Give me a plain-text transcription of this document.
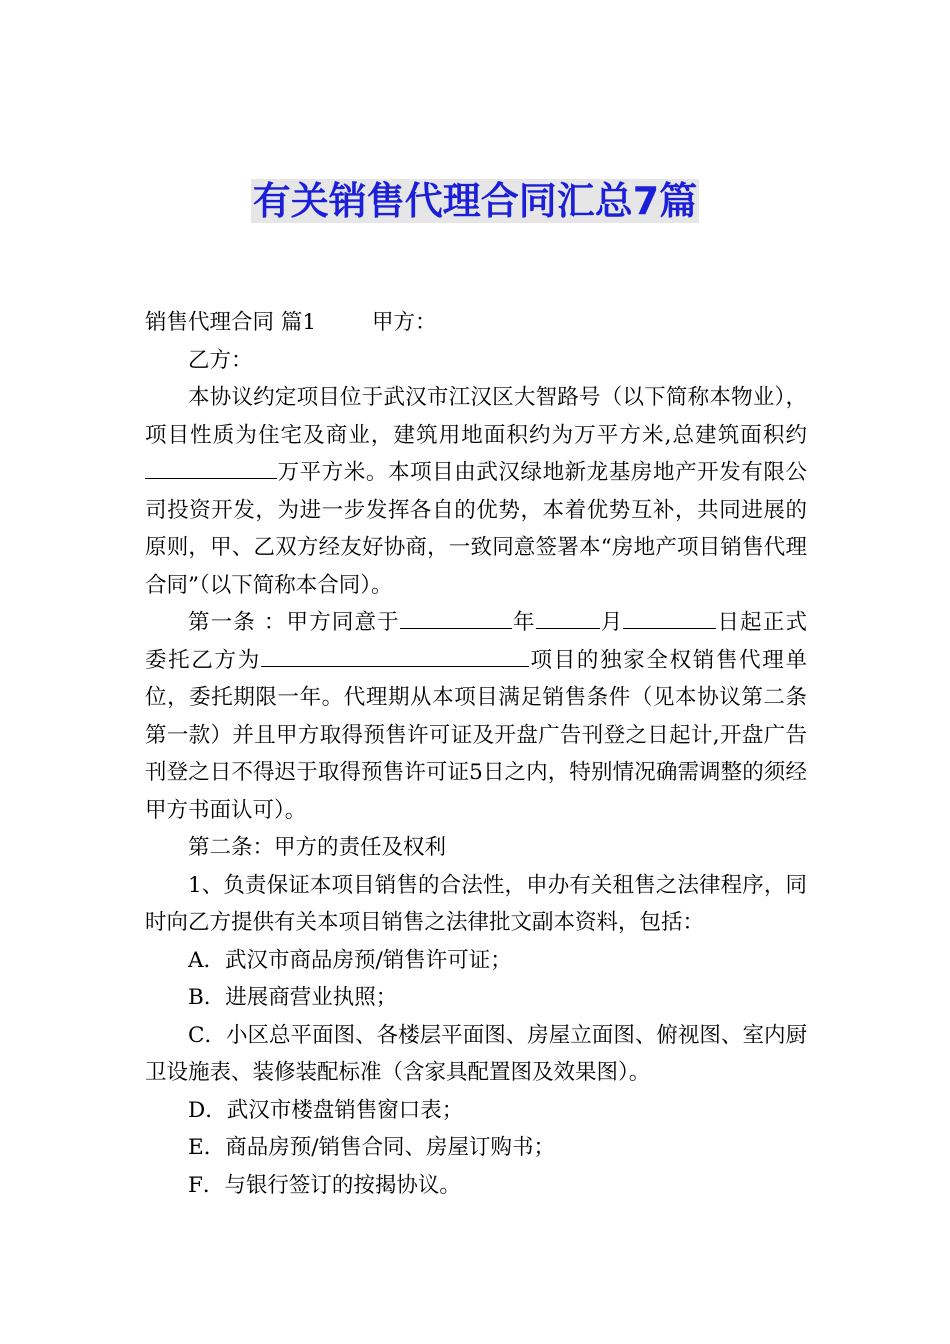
有关销售代理合同汇总7篇

销售代理合同 篇1	甲方：

乙方：

本协议约定项目位于武汉市江汉区大智路号（以下简称本物业），项目性质为住宅及商业，建筑用地面积约为万平方米,总建筑面积约万平方米。本项目由武汉绿地新龙基房地产开发有限公司投资开发，为进一步发挥各自的优势，本着优势互补，共同进展的原则，甲、乙双方经友好协商，一致同意签署本“房地产项目销售代理合同”（以下简称本合同）。

第一条 ：甲方同意于	年	月	日起正式委托乙方为	项目的独家全权销售代理单位，委托期限一年。代理期从本项目满足销售条件（见本协议第二条第一款）并且甲方取得预售许可证及开盘广告刊登之日起计,开盘广告刊登之日不得迟于取得预售许可证5日之内，特别情况确需调整的须经甲方书面认可）。

第二条：甲方的责任及权利

1、负责保证本项目销售的合法性，申办有关租售之法律程序，同时向乙方提供有关本项目销售之法律批文副本资料，包括：

A．武汉市商品房预/销售许可证；

B．进展商营业执照；

C．小区总平面图、各楼层平面图、房屋立面图、俯视图、室内厨卫设施表、装修装配标准（含家具配置图及效果图）。

D．武汉市楼盘销售窗口表；

E．商品房预/销售合同、房屋订购书；

F．与银行签订的按揭协议。
